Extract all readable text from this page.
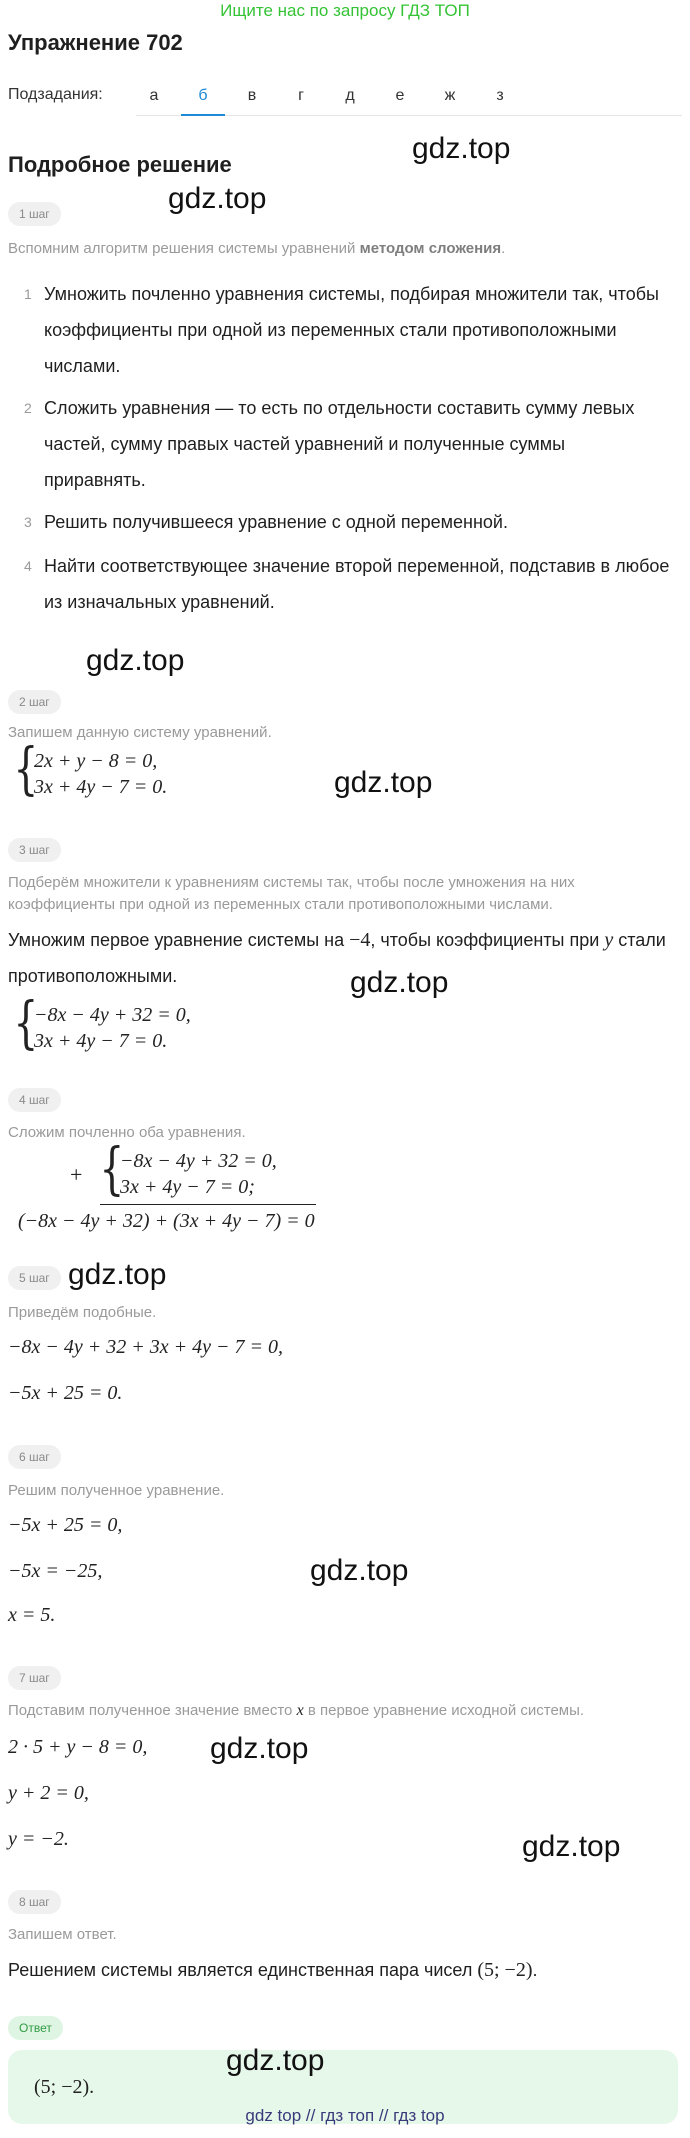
Ищите нас по запросу ГДЗ ТОП
Упражнение 702
Подзадания:	а	б	в	г	д	е	ж	з
gdz.top
Подробное решение
gdz.top
1 шаг
Вспомним алгоритм решения системы уравнений методом сложения.
1 Умножить почленно уравнения системы, подбирая множители так, чтобы
коэффициенты при одной из переменных стали противоположными
числами.
2 Сложить уравнения — то есть по отдельности составить сумму левых
частей, сумму правых частей уравнений и полученные суммы
приравнять.
3 Решить получившееся уравнение с одной переменной.
4 Найти соответствующее значение второй переменной, подставив в любое
из изначальных уравнений.
gdz.top
2 шаг
Запишем данную систему уравнений.
{
2x + y − 8 = 0,
3x + 4y − 7 = 0.	gdz.top
3 шаг
Подберём множители к уравнениям системы так, чтобы после умножения на них
коэффициенты при одной из переменных стали противоположными числами.
Умножим первое уравнение системы на −4, чтобы коэффициенты при y стали
противоположными.	gdz.top
{
−8x − 4y + 32 = 0,
3x + 4y − 7 = 0.
4 шаг
Сложим почленно оба уравнения.
+ {
−8x − 4y + 32 = 0,
3x + 4y − 7 = 0;
(−8x − 4y + 32) + (3x + 4y − 7) = 0
5 шаг gdz.top
Приведём подобные.
−8x − 4y + 32 + 3x + 4y − 7 = 0,
−5x + 25 = 0.
6 шаг
Решим полученное уравнение.
−5x + 25 = 0,
−5x = −25,	gdz.top
x = 5.
7 шаг
Подставим полученное значение вместо x в первое уравнение исходной системы.
2 · 5 + y − 8 = 0, gdz.top
y + 2 = 0,
y = −2.	gdz.top
8 шаг
Запишем ответ.
Решением системы является единственная пара чисел (5; −2).
Ответ
(5; −2).
gdz.top
gdz top // гдз топ // гдз top
